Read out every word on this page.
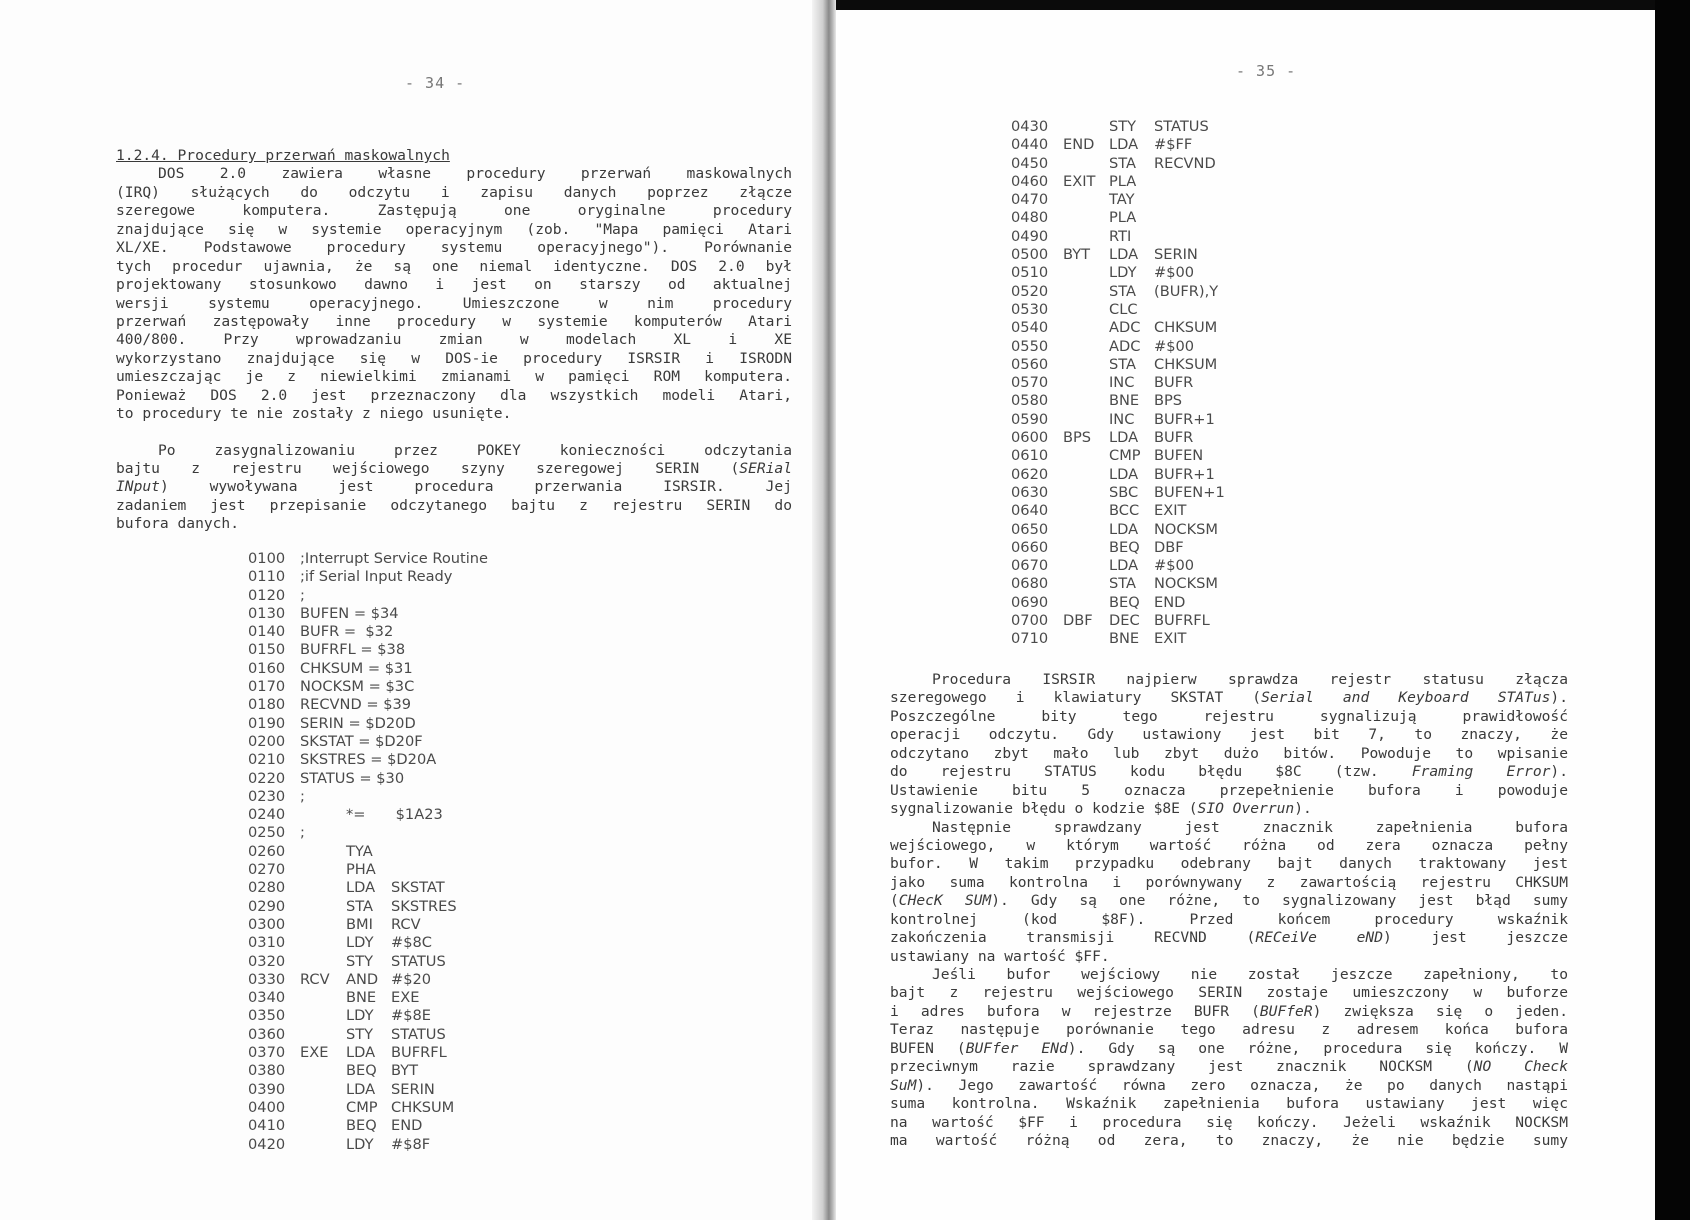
- 34 -
1.2.4. Procedury przerwań maskowalnych
DOS 2.0 zawiera własne procedury przerwań maskowalnych
(IRQ) służących do odczytu i zapisu danych poprzez złącze
szeregowe komputera. Zastępują one oryginalne procedury
znajdujące się w systemie operacyjnym (zob. "Mapa pamięci Atari
XL/XE. Podstawowe procedury systemu operacyjnego"). Porównanie
tych procedur ujawnia, że są one niemal identyczne. DOS 2.0 był
projektowany stosunkowo dawno i jest on starszy od aktualnej
wersji systemu operacyjnego. Umieszczone w nim procedury
przerwań zastępowały inne procedury w systemie komputerów Atari
400/800. Przy wprowadzaniu zmian w modelach XL i XE
wykorzystano znajdujące się w DOS-ie procedury ISRSIR i ISRODN
umieszczając je z niewielkimi zmianami w pamięci ROM komputera.
Ponieważ DOS 2.0 jest przeznaczony dla wszystkich modeli Atari,
to procedury te nie zostały z niego usunięte.
Po zasygnalizowaniu przez POKEY konieczności odczytania
bajtu z rejestru wejściowego szyny szeregowej SERIN (SERial
INput) wywoływana jest procedura przerwania ISRSIR. Jej
zadaniem jest przepisanie odczytanego bajtu z rejestru SERIN do
bufora danych.
0100	;Interrupt Service Routine
0110	;if Serial Input Ready
0120	;
0130	BUFEN = $34
0140	BUFR =  $32
0150	BUFRFL = $38
0160	CHKSUM = $31
0170	NOCKSM = $3C
0180	RECVND = $39
0190	SERIN = $D20D
0200	SKSTAT = $D20F
0210	SKSTRES = $D20A
0220	STATUS = $30
0230	;
0240	*=	$1A23
0250	;
0260	TYA
0270	PHA
0280	LDA	SKSTAT
0290	STA	SKSTRES
0300	BMI	RCV
0310	LDY	#$8C
0320	STY	STATUS
0330	RCV	AND #$20
0340	BNE	EXE
0350	LDY	#$8E
0360	STY	STATUS
0370	EXE	LDA	BUFRFL
0380	BEQ BYT
0390	LDA	SERIN
0400	CMP CHKSUM
0410	BEQ END
0420	LDY	#$8F
- 35 -
0430	STY	STATUS
0440	END	LDA	#$FF
0450	STA	RECVND
0460	EXIT PLA
0470	TAY
0480	PLA
0490	RTI
0500	BYT	LDA	SERIN
0510	LDY	#$00
0520	STA	(BUFR),Y
0530	CLC
0540	ADC CHKSUM
0550	ADC #$00
0560	STA	CHKSUM
0570	INC	BUFR
0580	BNE	BPS
0590	INC	BUFR+1
0600	BPS	LDA	BUFR
0610	CMP BUFEN
0620	LDA	BUFR+1
0630	SBC	BUFEN+1
0640	BCC	EXIT
0650	LDA	NOCKSM
0660	BEQ DBF
0670	LDA	#$00
0680	STA	NOCKSM
0690	BEQ END
0700	DBF	DEC BUFRFL
0710	BNE	EXIT
Procedura ISRSIR najpierw sprawdza rejestr statusu złącza
szeregowego i klawiatury SKSTAT (Serial and Keyboard STATus).
Poszczególne bity tego rejestru sygnalizują prawidłowość
operacji odczytu. Gdy ustawiony jest bit 7, to znaczy, że
odczytano zbyt mało lub zbyt dużo bitów. Powoduje to wpisanie
do rejestru STATUS kodu błędu $8C (tzw. Framing Error).
Ustawienie bitu 5 oznacza przepełnienie bufora i powoduje
sygnalizowanie błędu o kodzie $8E (SIO Overrun).
Następnie sprawdzany jest znacznik zapełnienia bufora
wejściowego, w którym wartość różna od zera oznacza pełny
bufor. W takim przypadku odebrany bajt danych traktowany jest
jako suma kontrolna i porównywany z zawartością rejestru CHKSUM
(CHecK SUM). Gdy są one różne, to sygnalizowany jest błąd sumy
kontrolnej (kod $8F). Przed końcem procedury wskaźnik
zakończenia transmisji RECVND (RECeiVe eND) jest jeszcze
ustawiany na wartość $FF.
Jeśli bufor wejściowy nie został jeszcze zapełniony, to
bajt z rejestru wejściowego SERIN zostaje umieszczony w buforze
i adres bufora w rejestrze BUFR (BUFfeR) zwiększa się o jeden.
Teraz następuje porównanie tego adresu z adresem końca bufora
BUFEN (BUFfer ENd). Gdy są one różne, procedura się kończy. W
przeciwnym razie sprawdzany jest znacznik NOCKSM (NO Check
SuM). Jego zawartość równa zero oznacza, że po danych nastąpi
suma kontrolna. Wskaźnik zapełnienia bufora ustawiany jest więc
na wartość $FF i procedura się kończy. Jeżeli wskaźnik NOCKSM
ma wartość różną od zera, to znaczy, że nie będzie sumy
